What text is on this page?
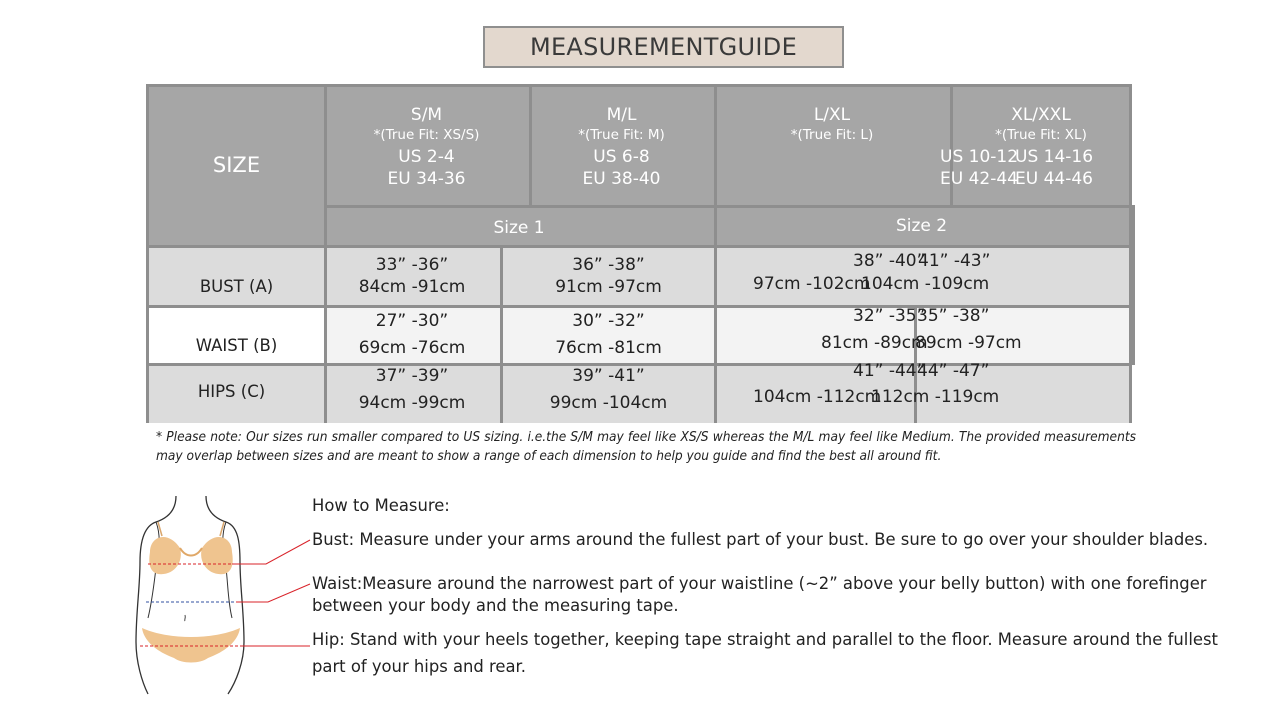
MEASUREMENTGUIDE
SIZE
S/M
*(True Fit: XS/S)
US 2-4
EU 34-36
M/L
*(True Fit: M)
US 6-8
EU 38-40
L/XL
*(True Fit: L)
US 10-12
EU 42-44
XL/XXL
*(True Fit: XL)
US 14-16
EU 44-46
Size 1	Size 2
BUST (A)
33” -36”
84cm -91cm
36” -38”
91cm -97cm
38” -40”
97cm -102cm
41” -43”
104cm -109cm
WAIST (B)
27” -30”
69cm -76cm
30” -32”
76cm -81cm
32” -35”
81cm -89cm
35” -38”
89cm -97cm
HIPS (C)
37” -39”
94cm -99cm
39” -41”
99cm -104cm
41” -44”
104cm -112cm
44” -47”
112cm -119cm
* Please note: Our sizes run smaller compared to US sizing. i.e.the S/M may feel like XS/S whereas the M/L may feel like Medium. The provided measurements may overlap between sizes and are meant to show a range of each dimension to help you guide and find the best all around fit.
How to Measure:
Bust: Measure under your arms around the fullest part of your bust. Be sure to go over your shoulder blades.
Waist:Measure around the narrowest part of your waistline (~2” above your belly button) with one forefinger
between your body and the measuring tape.
Hip: Stand with your heels together, keeping tape straight and parallel to the floor. Measure around the fullest
part of your hips and rear.
